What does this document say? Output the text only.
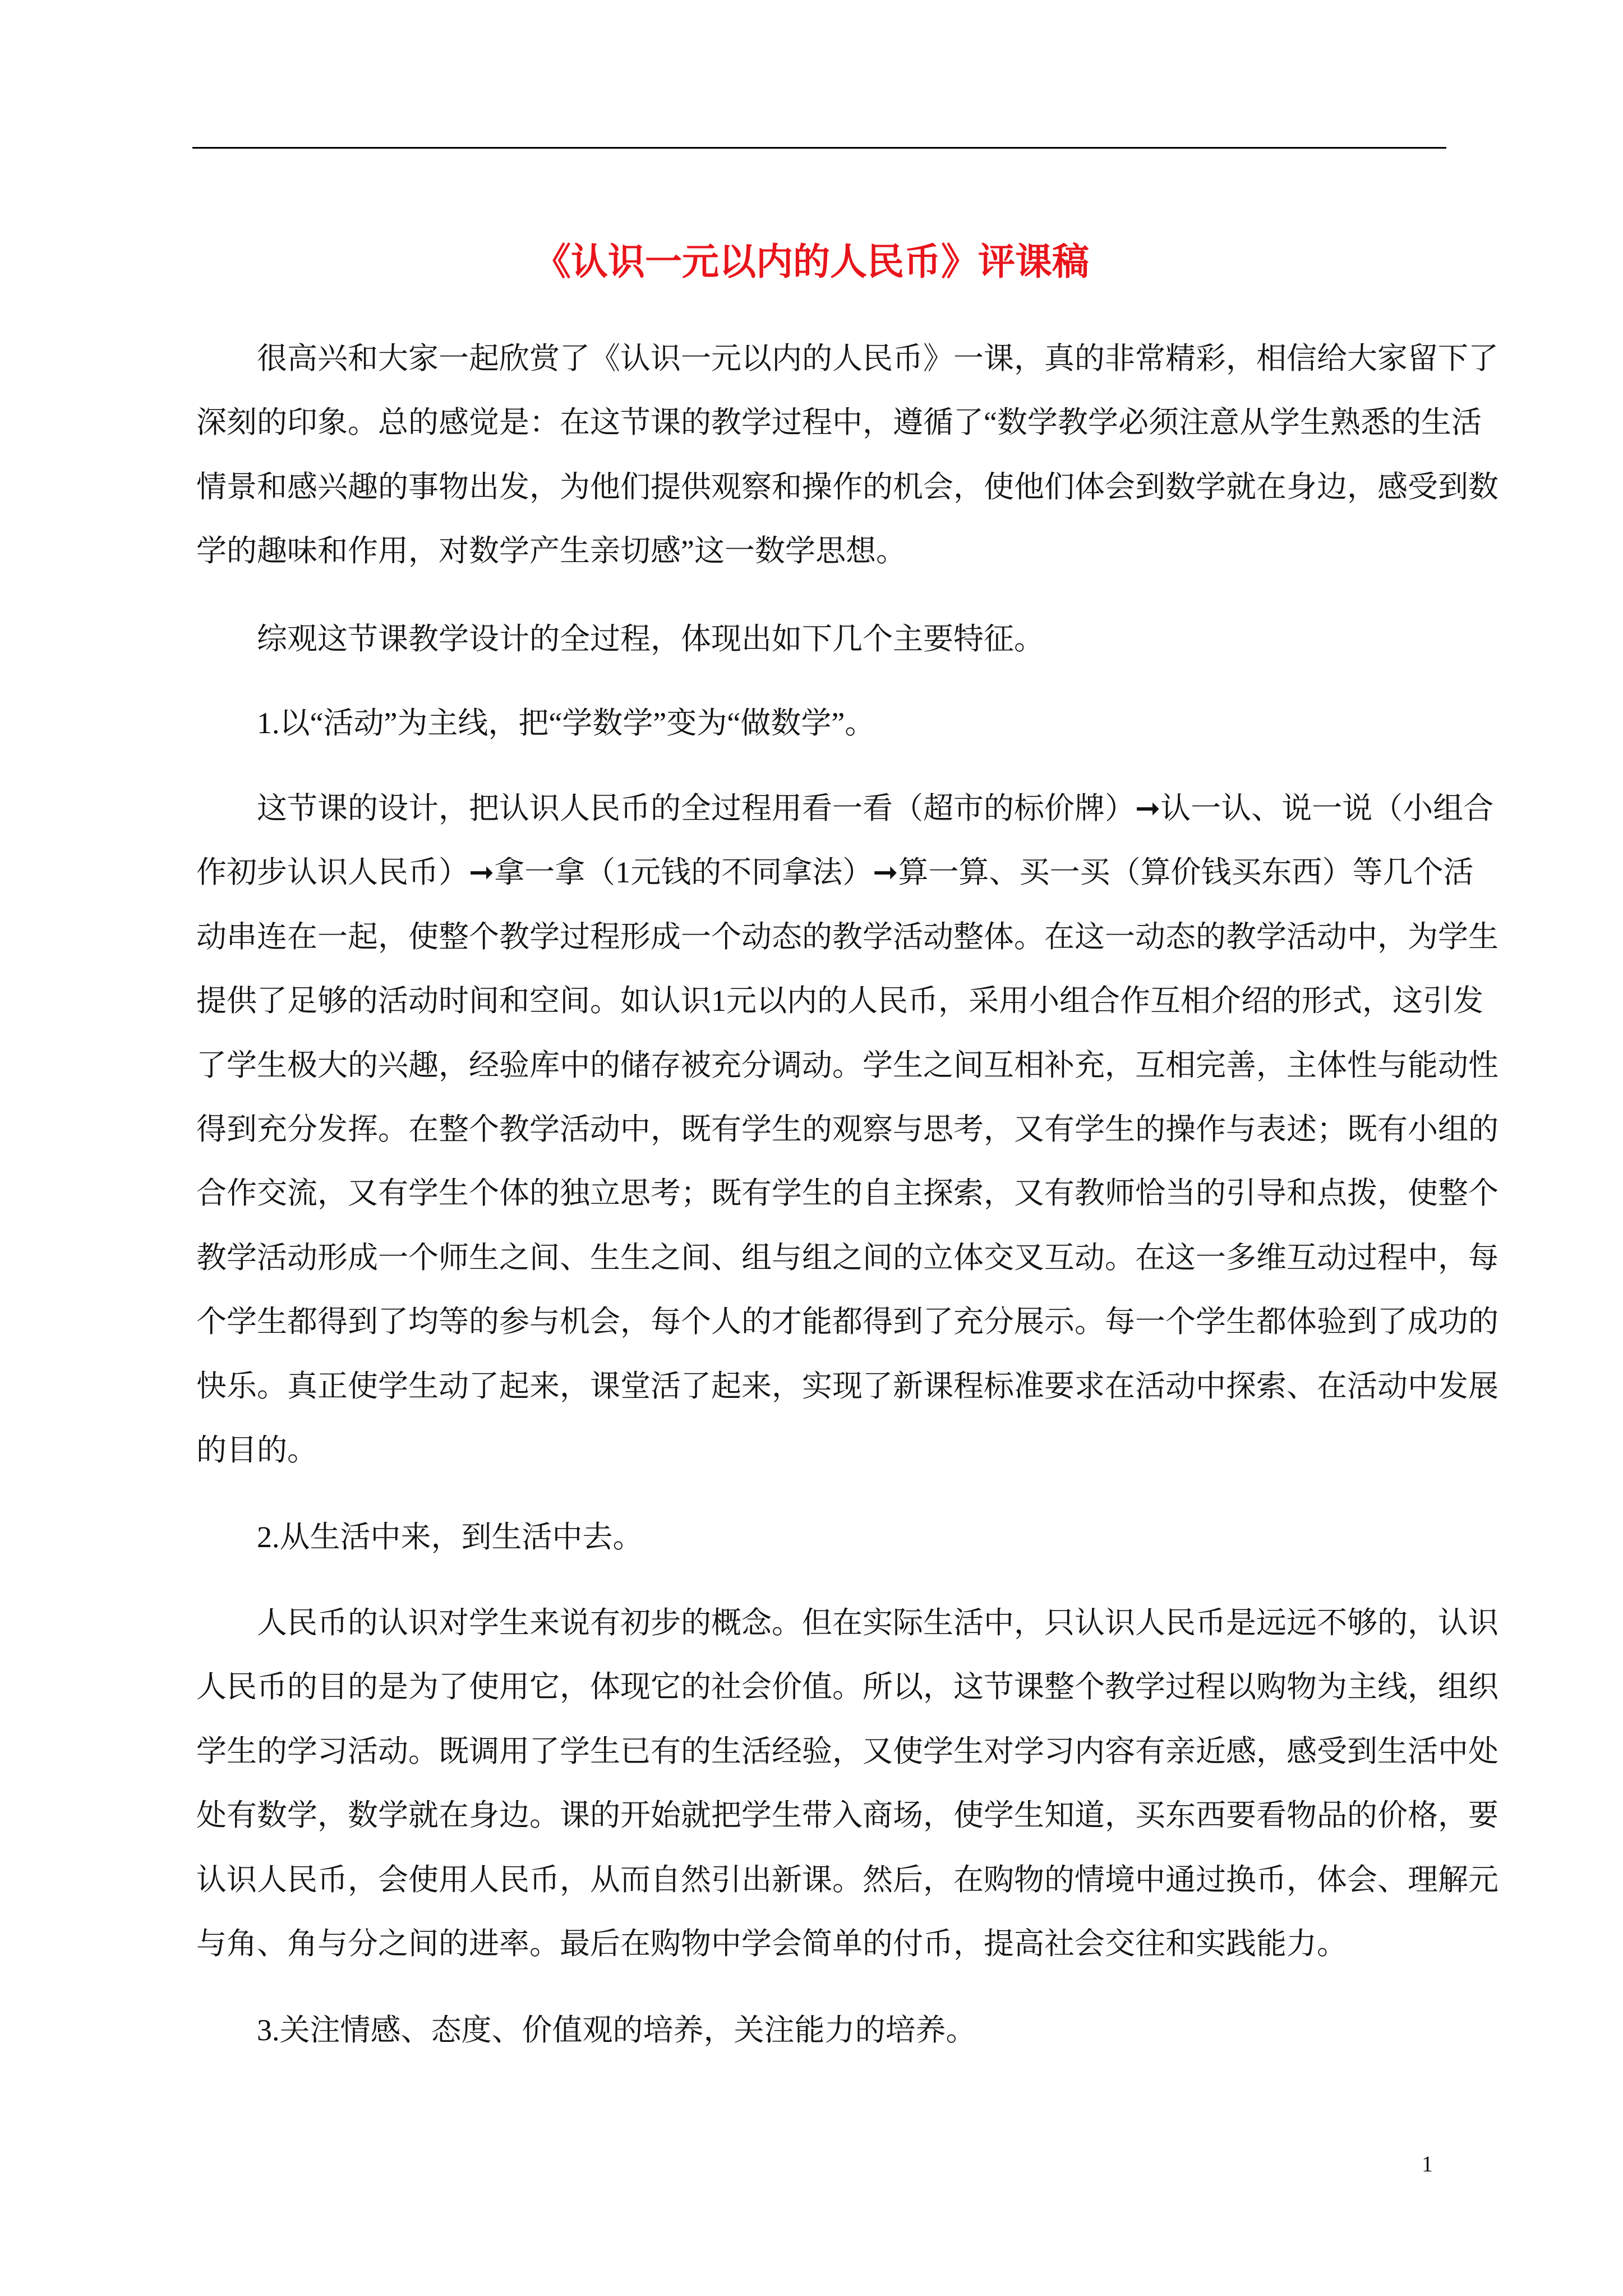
《认识一元以内的人民币》评课稿
很高兴和大家一起欣赏了《认识一元以内的人民币》一课，真的非常精彩，相信给大家留下了
深刻的印象。总的感觉是：在这节课的教学过程中，遵循了“数学教学必须注意从学生熟悉的生活
情景和感兴趣的事物出发，为他们提供观察和操作的机会，使他们体会到数学就在身边，感受到数
学的趣味和作用，对数学产生亲切感”这一数学思想。
综观这节课教学设计的全过程，体现出如下几个主要特征。
1.以“活动”为主线，把“学数学”变为“做数学”。
这节课的设计，把认识人民币的全过程用看一看（超市的标价牌）➞认一认、说一说（小组合
作初步认识人民币）➞拿一拿（1元钱的不同拿法）➞算一算、买一买（算价钱买东西）等几个活
动串连在一起，使整个教学过程形成一个动态的教学活动整体。在这一动态的教学活动中，为学生
提供了足够的活动时间和空间。如认识1元以内的人民币，采用小组合作互相介绍的形式，这引发
了学生极大的兴趣，经验库中的储存被充分调动。学生之间互相补充，互相完善，主体性与能动性
得到充分发挥。在整个教学活动中，既有学生的观察与思考，又有学生的操作与表述；既有小组的
合作交流，又有学生个体的独立思考；既有学生的自主探索，又有教师恰当的引导和点拨，使整个
教学活动形成一个师生之间、生生之间、组与组之间的立体交叉互动。在这一多维互动过程中，每
个学生都得到了均等的参与机会，每个人的才能都得到了充分展示。每一个学生都体验到了成功的
快乐。真正使学生动了起来，课堂活了起来，实现了新课程标准要求在活动中探索、在活动中发展
的目的。
2.从生活中来，到生活中去。
人民币的认识对学生来说有初步的概念。但在实际生活中，只认识人民币是远远不够的，认识
人民币的目的是为了使用它，体现它的社会价值。所以，这节课整个教学过程以购物为主线，组织
学生的学习活动。既调用了学生已有的生活经验，又使学生对学习内容有亲近感，感受到生活中处
处有数学，数学就在身边。课的开始就把学生带入商场，使学生知道，买东西要看物品的价格，要
认识人民币，会使用人民币，从而自然引出新课。然后，在购物的情境中通过换币，体会、理解元
与角、角与分之间的进率。最后在购物中学会简单的付币，提高社会交往和实践能力。
3.关注情感、态度、价值观的培养，关注能力的培养。
1
